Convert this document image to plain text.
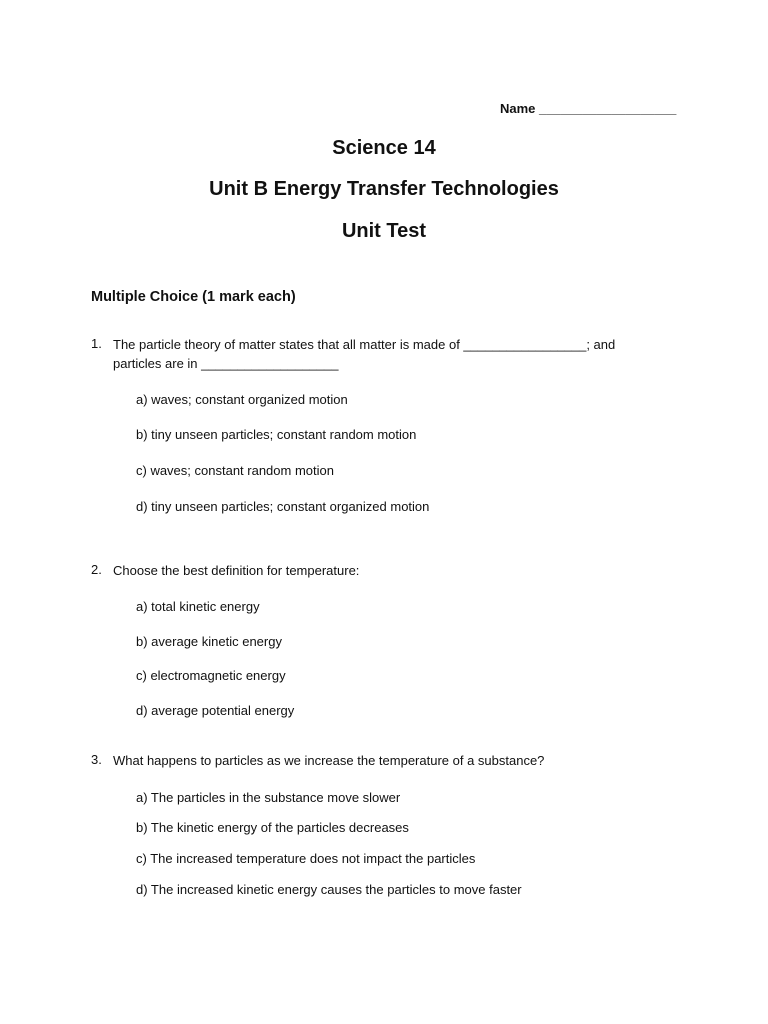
Name ___________________
Science 14
Unit B Energy Transfer Technologies
Unit Test
Multiple Choice (1 mark each)
1. The particle theory of matter states that all matter is made of _________________; and
particles are in ___________________
a) waves; constant organized motion
b) tiny unseen particles; constant random motion
c) waves; constant random motion
d) tiny unseen particles; constant organized motion
2. Choose the best definition for temperature:
a) total kinetic energy
b) average kinetic energy
c) electromagnetic energy
d) average potential energy
3. What happens to particles as we increase the temperature of a substance?
a) The particles in the substance move slower
b) The kinetic energy of the particles decreases
c) The increased temperature does not impact the particles
d) The increased kinetic energy causes the particles to move faster
